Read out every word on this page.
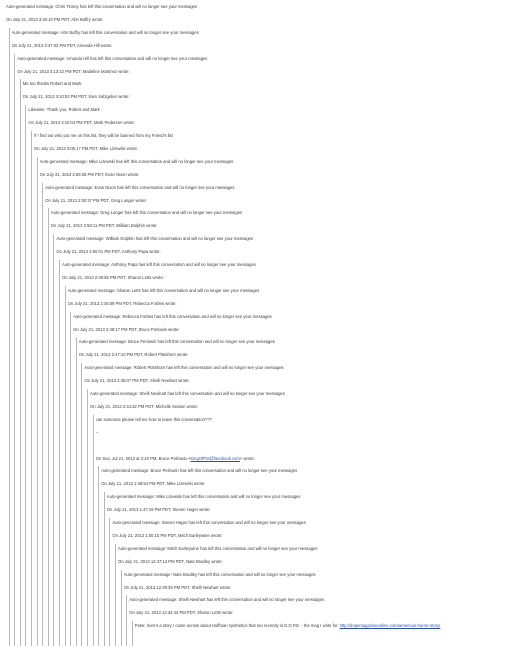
Auto-generated message: Chris Tinney has left this conversation and will no longer see your messages
On July 21, 2013 3:40:10 PM PDT, Abri Buffry wrote:
Auto-generated message: Abri Buffry has left this conversation and will no longer see your messages
On July 21, 2013 3:37:03 PM PDT, Amanda Hill wrote:
Auto-generated message: Amanda Hill has left this conversation and will no longer see your messages
On July 21, 2013 3:13:22 PM PDT, Madeline Martinez wrote:
Me too thanks Robert and Mark
On July 21, 2013 3:10:53 PM PDT, Sam Salzgeber wrote:
Likewise. Thank you, Robert and Mark
On July 21, 2013 3:10:04 PM PDT, Mark Pederson wrote:
If I find out who put me on this list, they will be banned from my Friend's list
On July 21, 2013 3:05:17 PM PDT, Mike Lizewski wrote:
Auto-generated message: Mike Lizewski has left this conversation and will no longer see your messages
On July 21, 2013 2:59:26 PM PDT, Evan Nixon wrote:
Auto-generated message: Evan Nixon has left this conversation and will no longer see your messages
On July 21, 2013 2:50:37 PM PDT, Greg Lunger wrote:
Auto-generated message: Greg Lunger has left this conversation and will no longer see your messages
On July 21, 2013 2:50:11 PM PDT, William Dolphin wrote:
Auto-generated message: William Dolphin has left this conversation and will no longer see your messages
On July 21, 2013 2:50:01 PM PDT, Anthony Papa wrote:
Auto-generated message: Anthony Papa has left this conversation and will no longer see your messages
On July 21, 2013 2:48:55 PM PDT, Sharon Letts wrote:
Auto-generated message: Sharon Letts has left this conversation and will no longer see your messages
On July 21, 2013 2:48:09 PM PDT, Rebecca Forbes wrote:
Auto-generated message: Rebecca Forbes has left this conversation and will no longer see your messages
On July 21, 2013 2:48:17 PM PDT, Bruce Perlowin wrote:
Auto-generated message: Bruce Perlowin has left this conversation and will no longer see your messages
On July 21, 2013 2:47:10 PM PDT, Robert Platshorn wrote:
Auto-generated message: Robert Platshorn has left this conversation and will no longer see your messages
On July 21, 2013 2:46:07 PM PDT, Shelli Newhart wrote:
Auto-generated message: Shelli Newhart has left this conversation and will no longer see your messages
On July 21, 2013 2:44:32 PM PDT, Michelle Seaton wrote:
can someone please tell me how to leave this conversation???
--
On Sun, Jul 21, 2013 at 2:20 PM, Bruce Perlowin <KingOfPot@facebook.com> wrote:
Auto-generated message: Bruce Perlowin has left this conversation and will no longer see your messages
On July 21, 2013 1:48:54 PM PDT, Mike Lizewski wrote:
Auto-generated message: Mike Lizewski has left this conversation and will no longer see your messages
On July 21, 2013 1:47:19 PM PDT, Steven Hager wrote:
Auto-generated message: Steven Hager has left this conversation and will no longer see your messages
On July 21, 2013 1:00:15 PM PDT, Mitch Earleywine wrote:
Auto-generated message: Mitch Earleywine has left this conversation and will no longer see your messages
On July 21, 2013 12:47:14 PM PDT, Nate Bradley wrote:
Auto-generated message: Nate Bradley has left this conversation and will no longer see your messages
On July 21, 2013 12:39:39 PM PDT, Shelli Newhart wrote:
Auto-generated message: Shelli Newhart has left this conversation and will no longer see your messages
On July 21, 2013 12:34:44 PM PDT, Sharon Letts wrote:
Peter, here's a story I came across about Huffman synthetics that ran recently in D.O.P.E. - the mag I write for. http://dopemagazineonline.com/american-horror-story/
